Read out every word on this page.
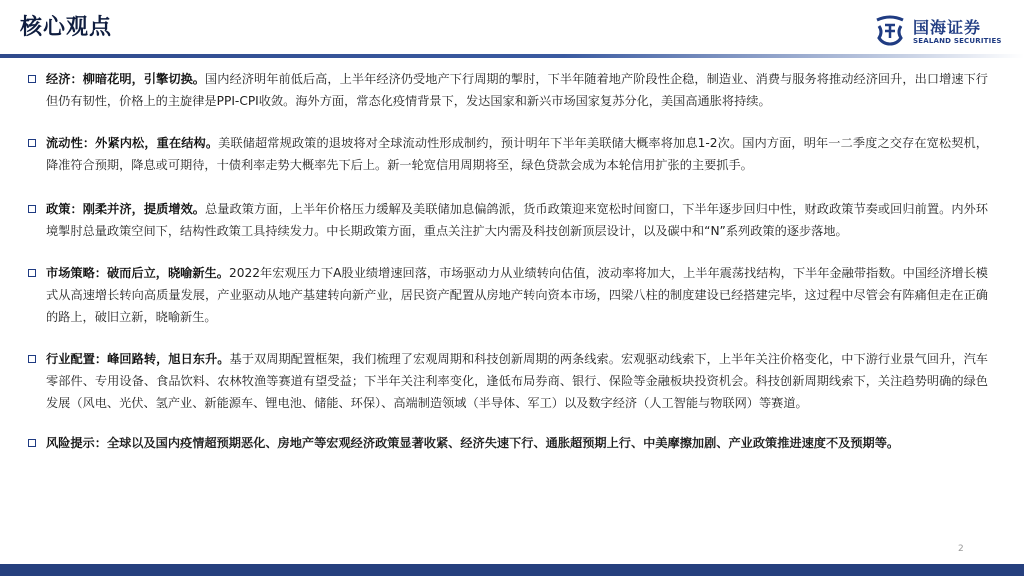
核心观点	国海证券
SEALAND SECURITIES

经济：柳暗花明，引擎切换。国内经济明年前低后高，上半年经济仍受地产下行周期的掣肘，下半年随着地产阶段性企稳，制造业、消费与服务将推动经济回升，出口增速下行但仍有韧性，价格上的主旋律是PPI-CPI收敛。海外方面，常态化疫情背景下，发达国家和新兴市场国家复苏分化，美国高通胀将持续。

流动性：外紧内松，重在结构。美联储超常规政策的退坡将对全球流动性形成制约，预计明年下半年美联储大概率将加息1-2次。国内方面，明年一二季度之交存在宽松契机，降准符合预期，降息或可期待，十债利率走势大概率先下后上。新一轮宽信用周期将至，绿色贷款会成为本轮信用扩张的主要抓手。

政策：刚柔并济，提质增效。总量政策方面，上半年价格压力缓解及美联储加息偏鸽派，货币政策迎来宽松时间窗口，下半年逐步回归中性，财政政策节奏或回归前置。内外环境掣肘总量政策空间下，结构性政策工具持续发力。中长期政策方面，重点关注扩大内需及科技创新顶层设计，以及碳中和“N”系列政策的逐步落地。

市场策略：破而后立，晓喻新生。2022年宏观压力下A股业绩增速回落，市场驱动力从业绩转向估值，波动率将加大，上半年震荡找结构，下半年金融带指数。中国经济增长模式从高速增长转向高质量发展，产业驱动从地产基建转向新产业，居民资产配置从房地产转向资本市场，四梁八柱的制度建设已经搭建完毕，这过程中尽管会有阵痛但走在正确的路上，破旧立新，晓喻新生。

行业配置：峰回路转，旭日东升。基于双周期配置框架，我们梳理了宏观周期和科技创新周期的两条线索。宏观驱动线索下，上半年关注价格变化，中下游行业景气回升，汽车零部件、专用设备、食品饮料、农林牧渔等赛道有望受益；下半年关注利率变化，逢低布局券商、银行、保险等金融板块投资机会。科技创新周期线索下，关注趋势明确的绿色发展（风电、光伏、氢产业、新能源车、锂电池、储能、环保）、高端制造领域（半导体、军工）以及数字经济（人工智能与物联网）等赛道。

风险提示：全球以及国内疫情超预期恶化、房地产等宏观经济政策显著收紧、经济失速下行、通胀超预期上行、中美摩擦加剧、产业政策推进速度不及预期等。

2
